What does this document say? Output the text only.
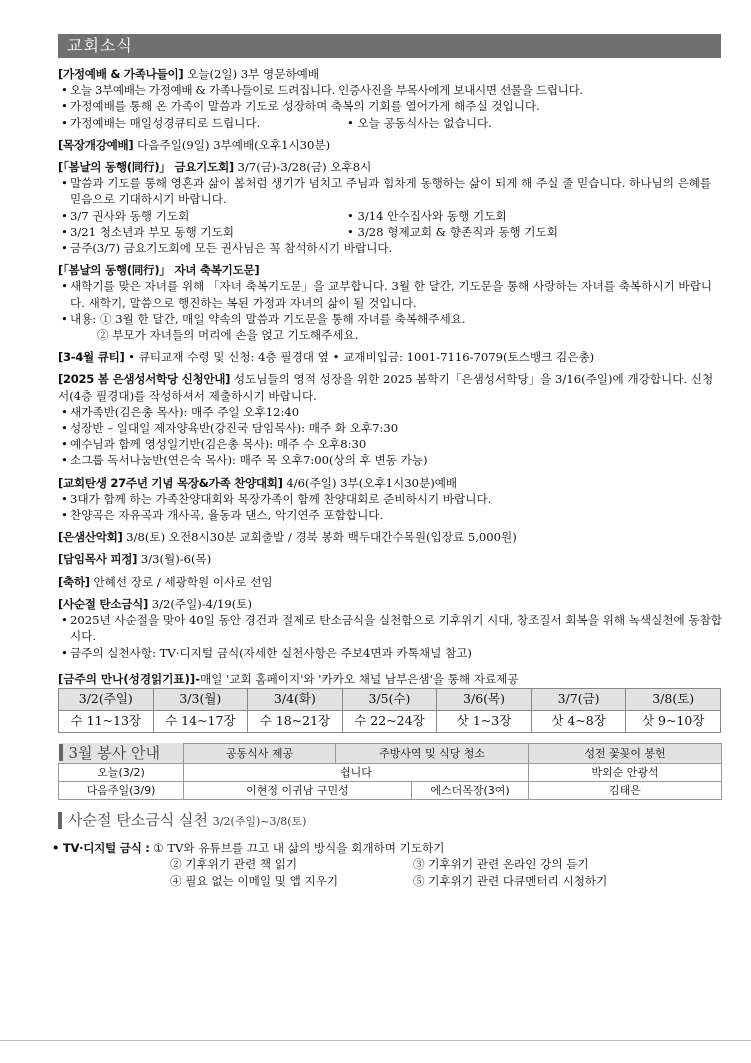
교회소식
[가정예배 & 가족나들이] 오늘(2일) 3부 영문하예배
• 오늘 3부예배는 가정예배 & 가족나들이로 드려집니다. 인증사진을 부목사에게 보내시면 선물을 드립니다.
• 가정예배를 통해 온 가족이 말씀과 기도로 성장하며 축복의 기회를 열어가게 해주실 것입니다.
• 가정예배는 매일성경큐티로 드립니다.	• 오늘 공동식사는 없습니다.
[목장개강예배] 다음주일(9일) 3부예배(오후1시30분)
[「봄날의 동행(同行)」 금요기도회] 3/7(금)-3/28(금) 오후8시
• 말씀과 기도를 통해 영혼과 삶이 봄처럼 생기가 넘치고 주님과 힘차게 동행하는 삶이 되게 해 주실 줄 믿습니다. 하나님의 은혜를 믿음으로 기대하시기 바랍니다.
• 3/7 권사와 동행 기도회	• 3/14 안수집사와 동행 기도회
• 3/21 청소년과 부모 동행 기도회	• 3/28 형제교회 & 향존직과 동행 기도회
• 금주(3/7) 금요기도회에 모든 권사님은 꼭 참석하시기 바랍니다.
[「봄날의 동행(同行)」 자녀 축복기도문]
• 새학기를 맞은 자녀를 위해 「자녀 축복기도문」을 교부합니다. 3월 한 달간, 기도문을 통해 사랑하는 자녀를 축복하시기 바랍니다. 새학기, 말씀으로 행진하는 복된 가정과 자녀의 삶이 될 것입니다.
• 내용: ① 3월 한 달간, 매일 약속의 말씀과 기도문을 통해 자녀를 축복해주세요.
② 부모가 자녀들의 머리에 손을 얹고 기도해주세요.
[3-4월 큐티] • 큐티교재 수령 및 신청: 4층 필경대 옆 • 교재비입금: 1001-7116-7079(토스뱅크 김은총)
[2025 봄 은샘성서학당 신청안내] 성도님들의 영적 성장을 위한 2025 봄학기「은샘성서학당」을 3/16(주일)에 개강합니다. 신청서(4층 필경대)를 작성하셔서 제출하시기 바랍니다.
• 새가족반(김은총 목사): 매주 주일 오후12:40
• 성장반 – 일대일 제자양육반(강진국 담임목사): 매주 화 오후7:30
• 예수님과 함께 영성일기반(김은총 목사): 매주 수 오후8:30
• 소그룹 독서나눔반(연은숙 목사): 매주 목 오후7:00(상의 후 변동 가능)
[교회탄생 27주년 기념 목장&가족 찬양대회] 4/6(주일) 3부(오후1시30분)예배
• 3대가 함께 하는 가족찬양대회와 목장가족이 함께 찬양대회로 준비하시기 바랍니다.
• 찬양곡은 자유곡과 개사곡, 율동과 댄스, 악기연주 포함합니다.
[은샘산악회] 3/8(토) 오전8시30분 교회출발 / 경북 봉화 백두대간수목원(입장료 5,000원)
[담임목사 피정] 3/3(월)-6(목)
[축하] 안혜선 장로 / 세광학원 이사로 선임
[사순절 탄소금식] 3/2(주일)-4/19(토)
• 2025년 사순절을 맞아 40일 동안 경건과 절제로 탄소금식을 실천함으로 기후위기 시대, 창조질서 회복을 위해 녹색실천에 동참합시다.
• 금주의 실천사항: TV·디지털 금식(자세한 실천사항은 주보4면과 카톡채널 참고)
[금주의 만나(성경읽기표)]-매일 '교회 홈페이지'와 '카카오 채널 남부은샘'을 통해 자료제공
3/2(주일)	3/3(월)	3/4(화)	3/5(수)	3/6(목)	3/7(금)	3/8(토)
수 11~13장	수 14~17장	수 18~21장	수 22~24장	삿 1~3장	삿 4~8장	삿 9~10장
3월 봉사 안내	공동식사 제공	주방사역 및 식당 청소		성전 꽃꽂이 봉헌
오늘(3/2)	쉽니다			박외순 안광석
다음주일(3/9)	이현정 이귀남 구민성		에스더목장(3여)	김태은
사순절 탄소금식 실천 3/2(주일)~3/8(토)
• TV·디지털 금식 : ① TV와 유튜브를 끄고 내 삶의 방식을 회개하며 기도하기
② 기후위기 관련 책 읽기	③ 기후위기 관련 온라인 강의 듣기
④ 필요 없는 이메일 및 앱 지우기	⑤ 기후위기 관련 다큐멘터리 시청하기
